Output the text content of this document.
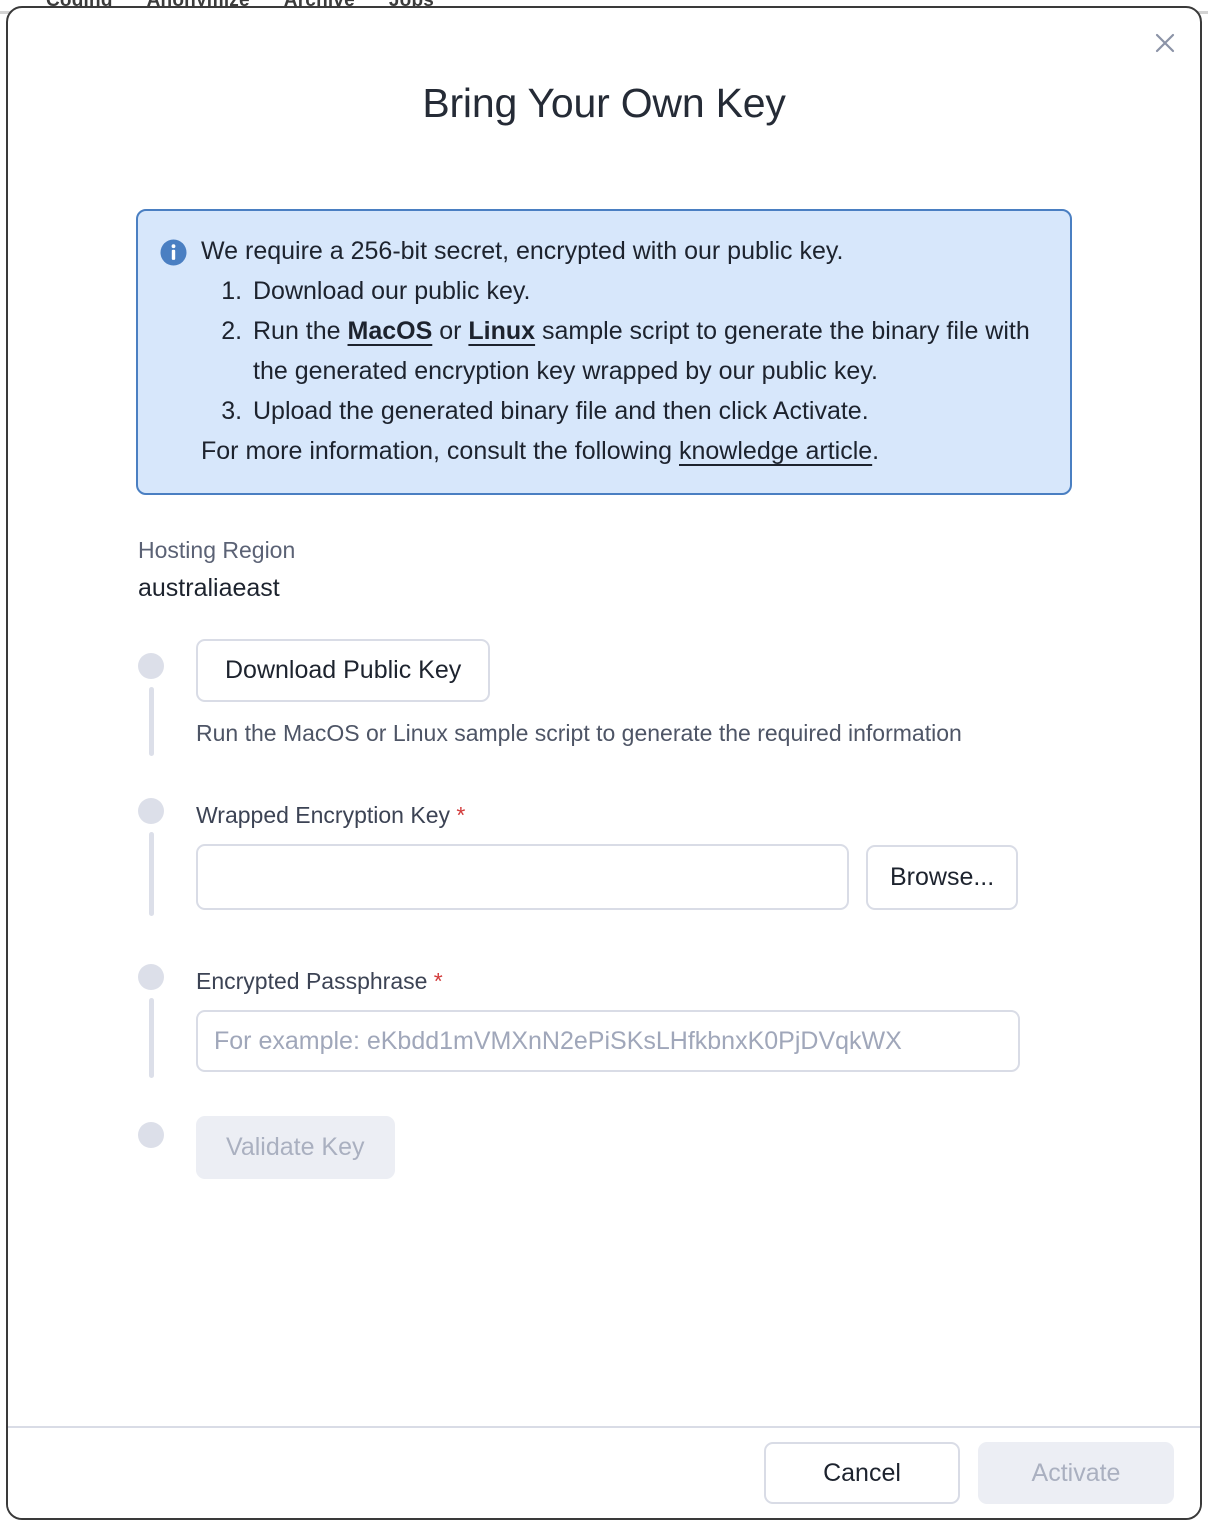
Bring Your Own Key

We require a 256-bit secret, encrypted with our public key.

1. Download our public key.
2. Run the MacOS or Linux sample script to generate the binary file with the generated encryption key wrapped by our public key.
3. Upload the generated binary file and then click Activate.

For more information, consult the following knowledge article.

Hosting Region
australiaeast
Download Public Key
Run the MacOS or Linux sample script to generate the required information
Wrapped Encryption Key *
Browse...
Encrypted Passphrase *
For example: eKbdd1mVMXnN2ePiSKsLHfkbnxK0PjDVqkWX
Validate Key
Cancel	Activate
